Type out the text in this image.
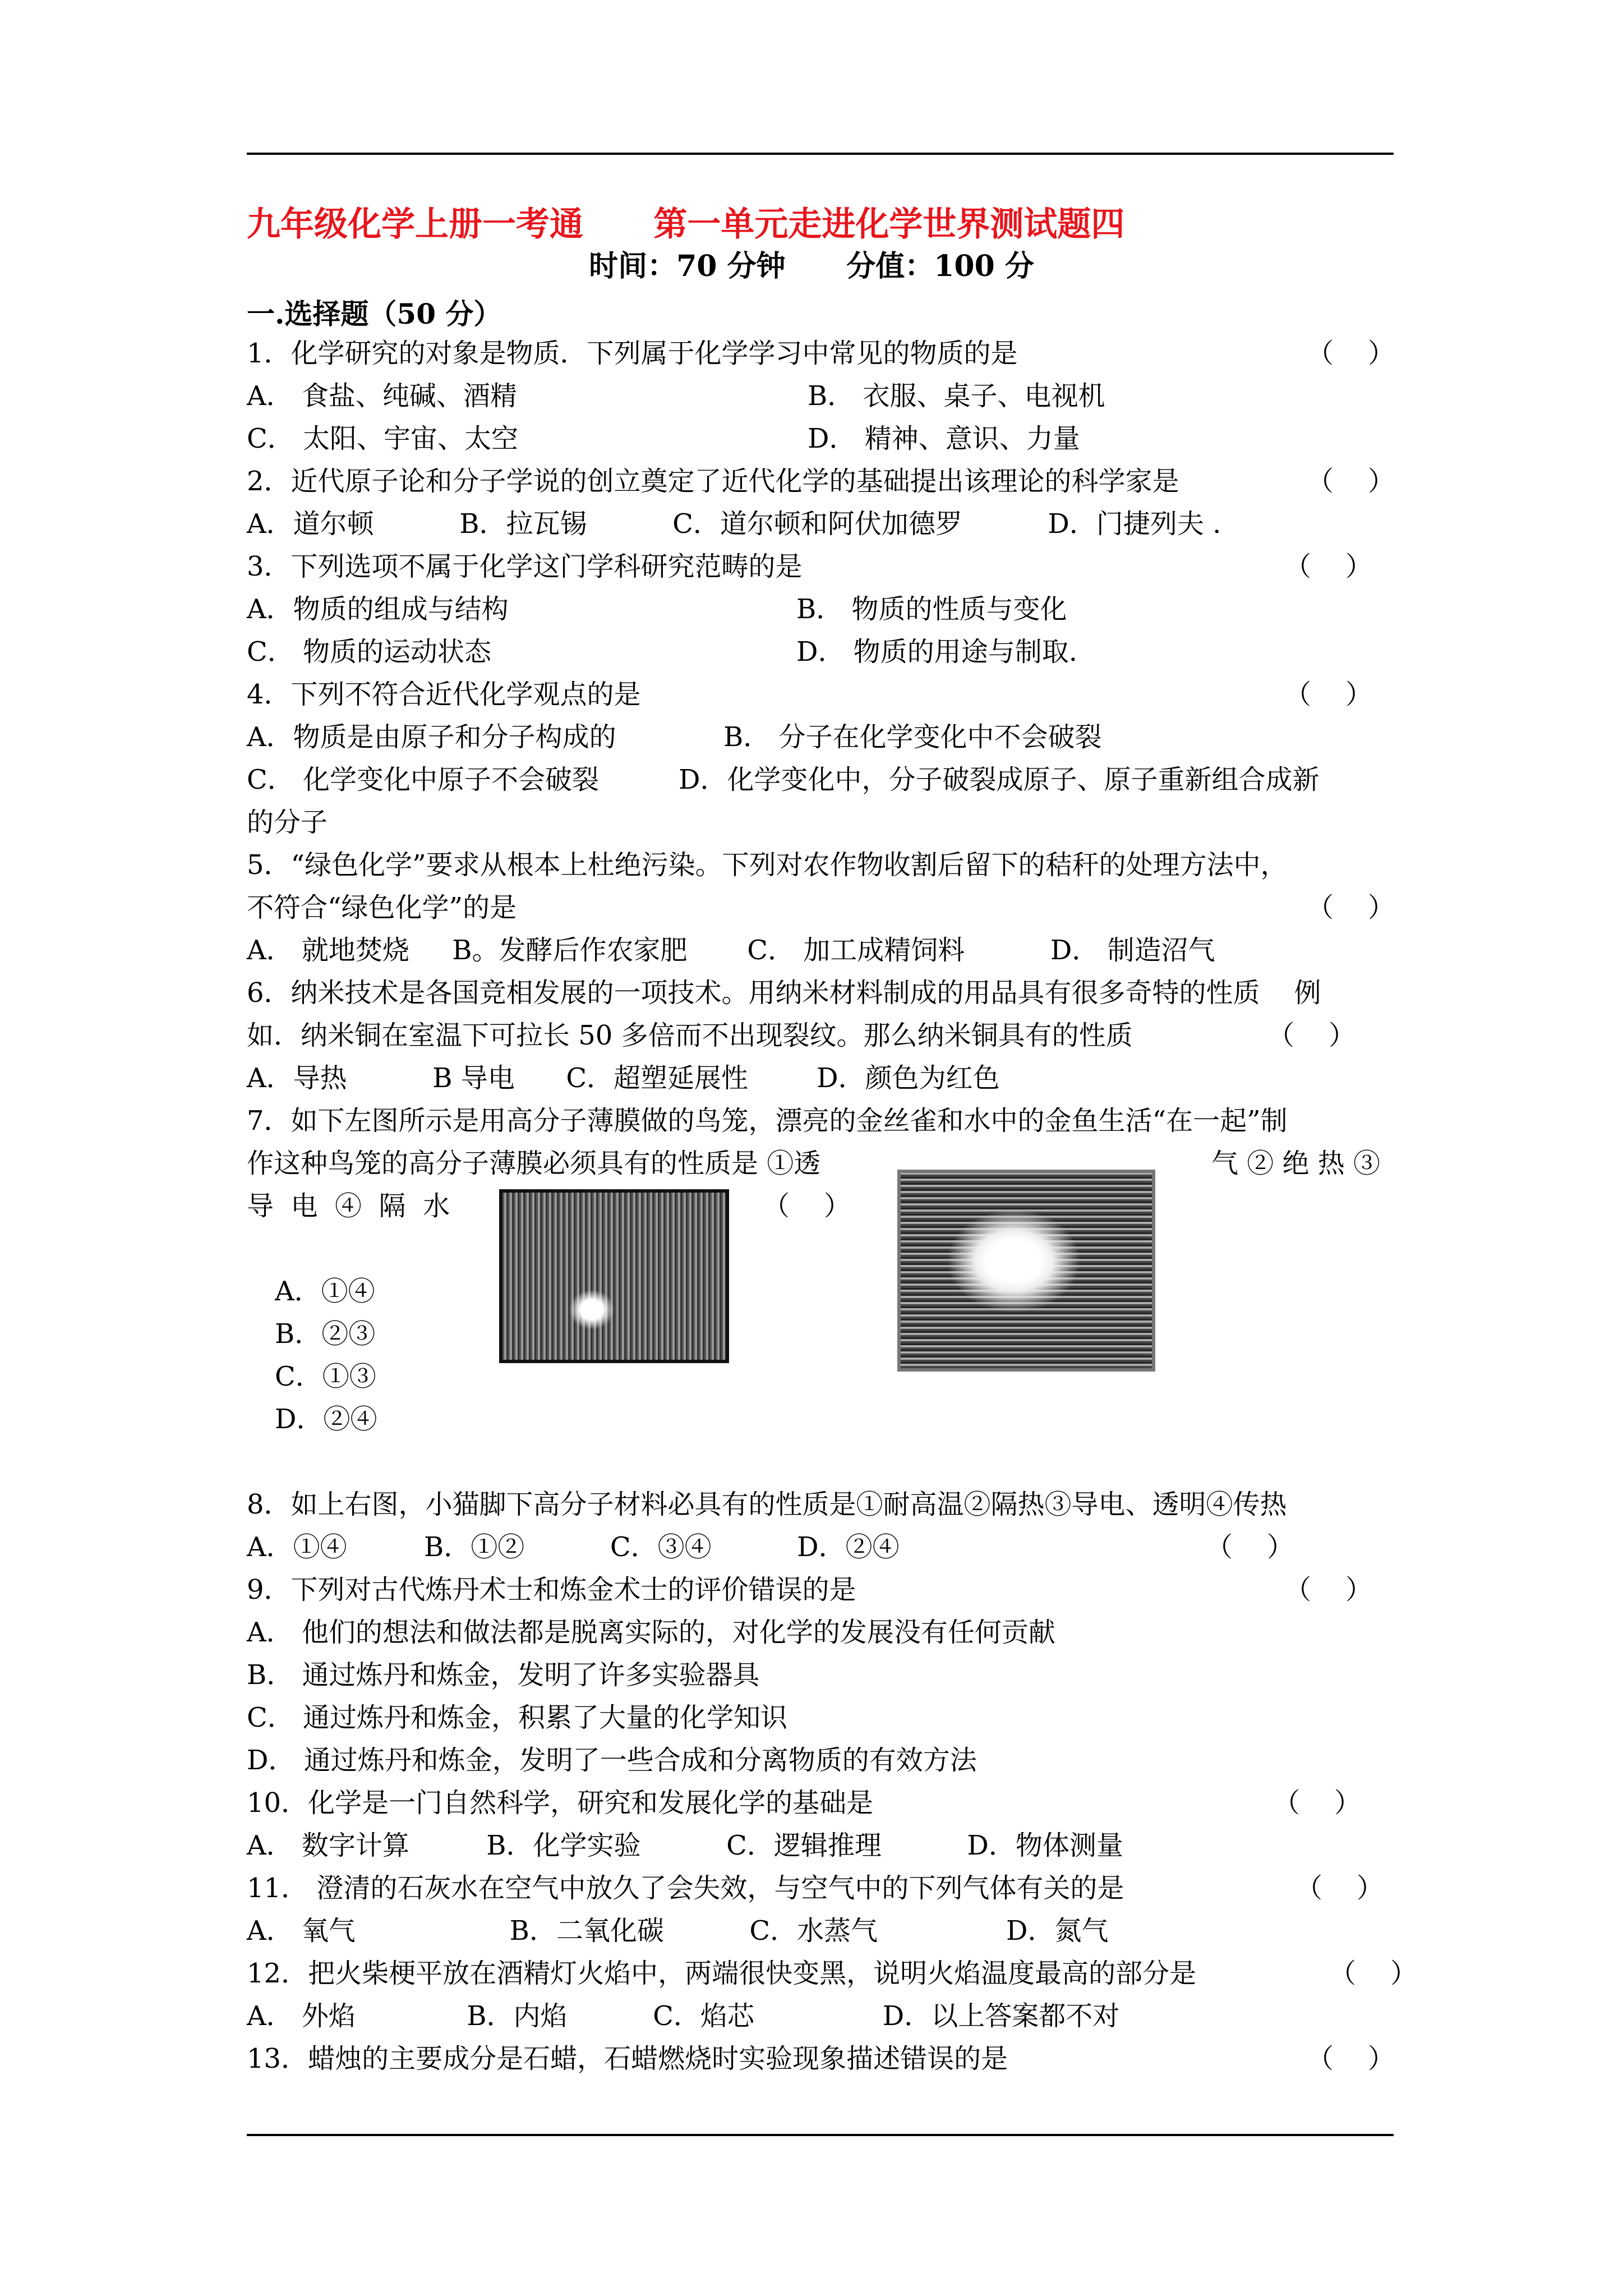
九年级化学上册一考通      第一单元走进化学世界测试题四
时间：70 分钟      分值：100 分
一.选择题（50 分）
1．化学研究的对象是物质．下列属于化学学习中常见的物质的是	（    ）
A． 食盐、纯碱、酒精	B． 衣服、桌子、电视机
C． 太阳、宇宙、太空	D． 精神、意识、力量
2．近代原子论和分子学说的创立奠定了近代化学的基础提出该理论的科学家是	（    ）
A．道尔顿          B．拉瓦锡          C．道尔顿和阿伏加德罗          D．门捷列夫 .
3．下列选项不属于化学这门学科研究范畴的是	（    ）
A．物质的组成与结构	B． 物质的性质与变化
C． 物质的运动状态	D． 物质的用途与制取.
4．下列不符合近代化学观点的是	（    ）
A．物质是由原子和分子构成的	B． 分子在化学变化中不会破裂
C． 化学变化中原子不会破裂	D．化学变化中，分子破裂成原子、原子重新组合成新
的分子
5．“绿色化学”要求从根本上杜绝污染。下列对农作物收割后留下的秸秆的处理方法中，
不符合“绿色化学”的是	（    ）
A． 就地焚烧     B。发酵后作农家肥       C． 加工成精饲料          D． 制造沼气
6．纳米技术是各国竞相发展的一项技术。用纳米材料制成的用品具有很多奇特的性质    例
如．纳米铜在室温下可拉长 50 多倍而不出现裂纹。那么纳米铜具有的性质	（    ）
A．导热          B 导电      C．超塑延展性        D．颜色为红色
7．如下左图所示是用高分子薄膜做的鸟笼，漂亮的金丝雀和水中的金鱼生活“在一起”制
作这种鸟笼的高分子薄膜必须具有的性质是 ①透	气 ② 绝 热 ③
导  电  ④  隔  水	（    ）
A．①④
B．②③
C．①③
D．②④
8．如上右图，小猫脚下高分子材料必具有的性质是①耐高温②隔热③导电、透明④传热
A．①④         B．①②          C．③④          D．②④	（    ）
9．下列对古代炼丹术士和炼金术士的评价错误的是	（    ）
A． 他们的想法和做法都是脱离实际的，对化学的发展没有任何贡献
B． 通过炼丹和炼金，发明了许多实验器具
C． 通过炼丹和炼金，积累了大量的化学知识
D． 通过炼丹和炼金，发明了一些合成和分离物质的有效方法
10．化学是一门自然科学，研究和发展化学的基础是	（    ）
A． 数字计算         B．化学实验          C．逻辑推理          D．物体测量
11． 澄清的石灰水在空气中放久了会失效，与空气中的下列气体有关的是	（    ）
A． 氧气                  B．二氧化碳          C．水蒸气               D．氮气
12．把火柴梗平放在酒精灯火焰中，两端很快变黑，说明火焰温度最高的部分是	（    ）
A． 外焰             B．内焰          C．焰芯               D．以上答案都不对
13．蜡烛的主要成分是石蜡，石蜡燃烧时实验现象描述错误的是	（    ）
